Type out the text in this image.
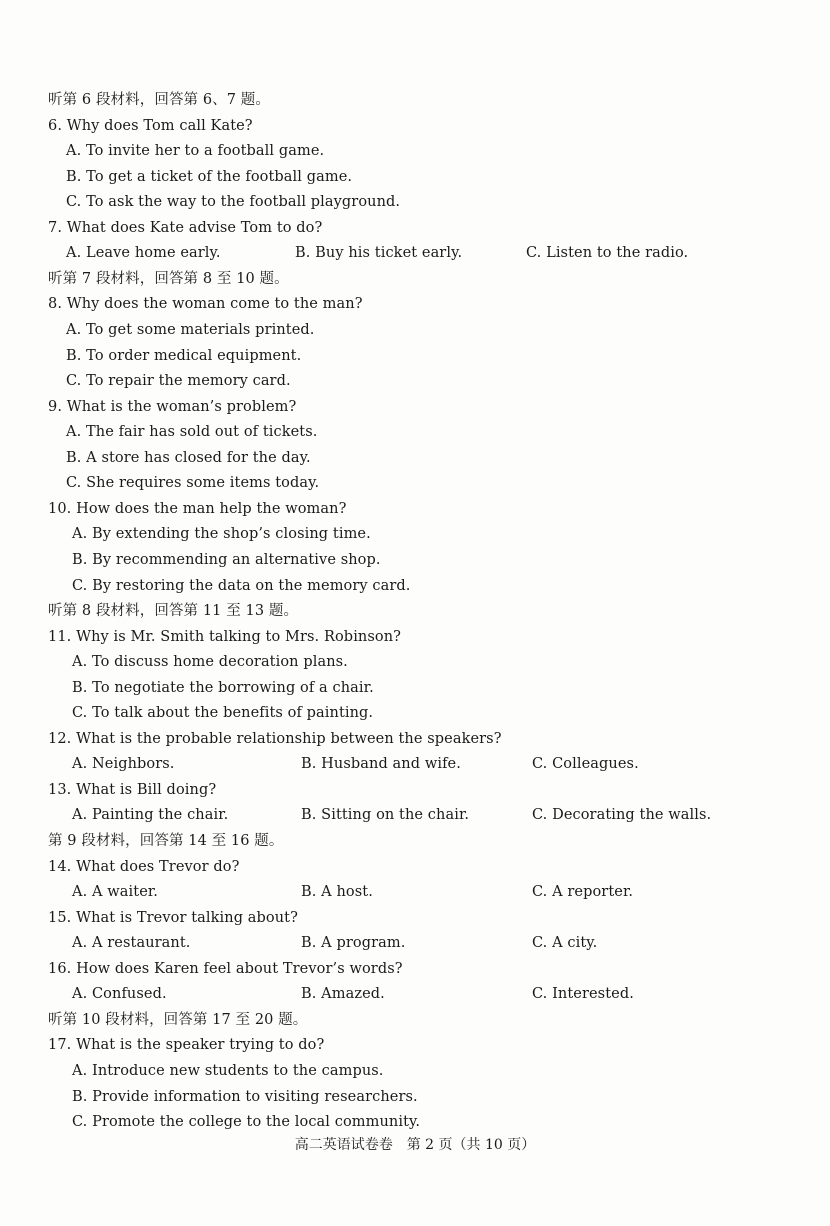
听第 6 段材料，回答第 6、7 题。
6. Why does Tom call Kate?
A. To invite her to a football game.
B. To get a ticket of the football game.
C. To ask the way to the football playground.
7. What does Kate advise Tom to do?
A. Leave home early.	B. Buy his ticket early.	C. Listen to the radio.
听第 7 段材料，回答第 8 至 10 题。
8. Why does the woman come to the man?
A. To get some materials printed.
B. To order medical equipment.
C. To repair the memory card.
9. What is the woman’s problem?
A. The fair has sold out of tickets.
B. A store has closed for the day.
C. She requires some items today.
10. How does the man help the woman?
A. By extending the shop’s closing time.
B. By recommending an alternative shop.
C. By restoring the data on the memory card.
听第 8 段材料，回答第 11 至 13 题。
11. Why is Mr. Smith talking to Mrs. Robinson?
A. To discuss home decoration plans.
B. To negotiate the borrowing of a chair.
C. To talk about the benefits of painting.
12. What is the probable relationship between the speakers?
A. Neighbors.	B. Husband and wife.	C. Colleagues.
13. What is Bill doing?
A. Painting the chair.	B. Sitting on the chair.	C. Decorating the walls.
第 9 段材料，回答第 14 至 16 题。
14. What does Trevor do?
A. A waiter.	B. A host.	C. A reporter.
15. What is Trevor talking about?
A. A restaurant.	B. A program.	C. A city.
16. How does Karen feel about Trevor’s words?
A. Confused.	B. Amazed.	C. Interested.
听第 10 段材料，回答第 17 至 20 题。
17. What is the speaker trying to do?
A. Introduce new students to the campus.
B. Provide information to visiting researchers.
C. Promote the college to the local community.
高二英语试卷卷　第 2 页（共 10 页）
